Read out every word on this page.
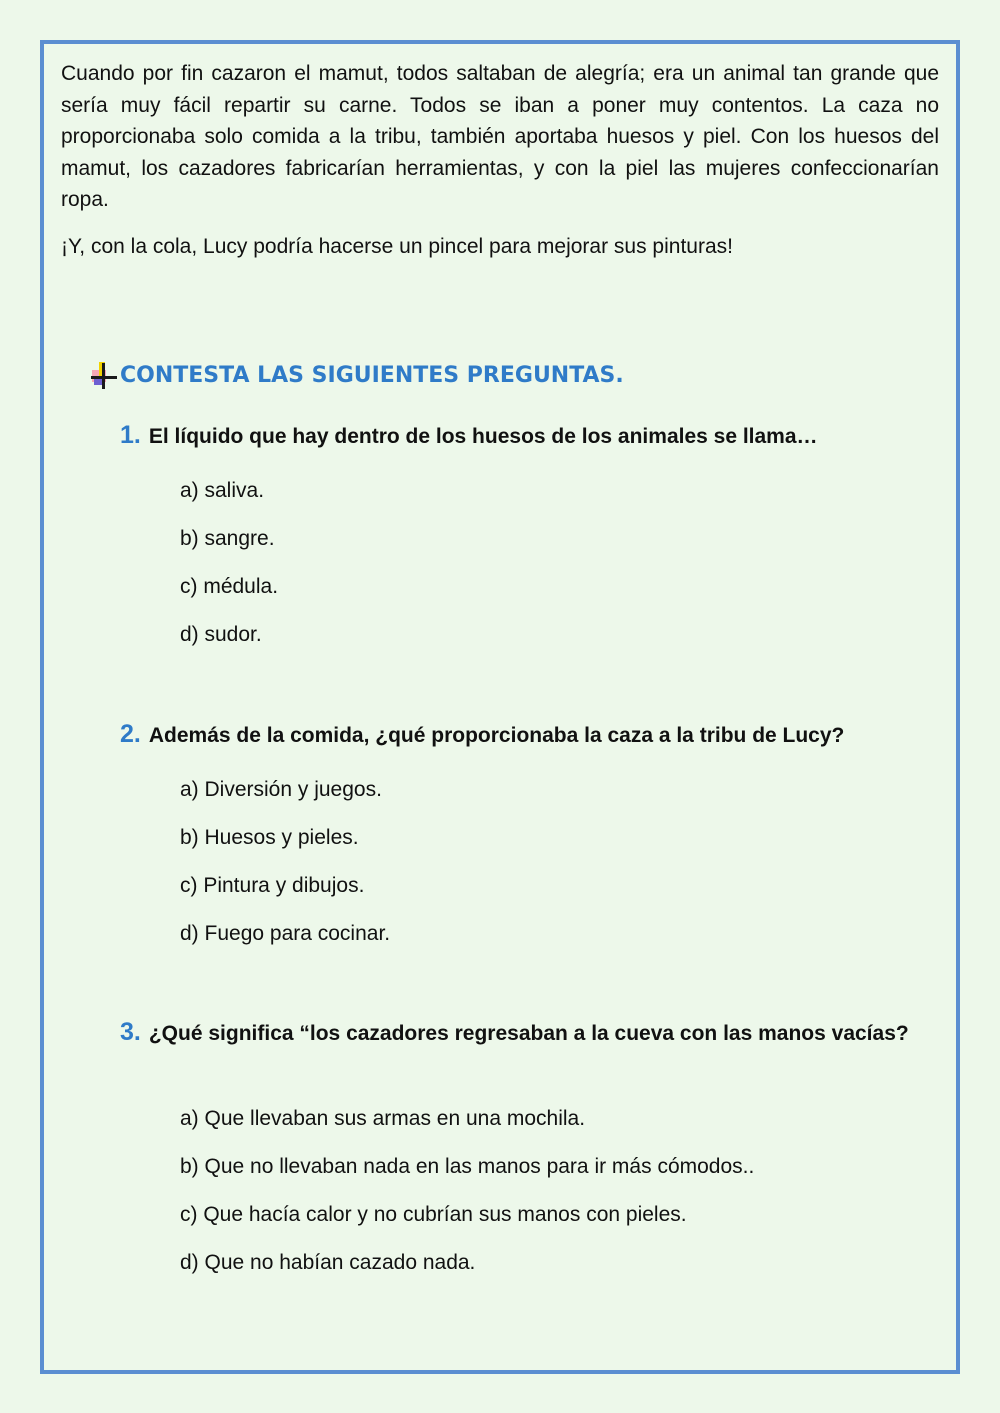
Cuando por fin cazaron el mamut, todos saltaban de alegría; era un animal tan grande que sería muy fácil repartir su carne. Todos se iban a poner muy contentos. La caza no proporcionaba solo comida a la tribu, también aportaba huesos y piel. Con los huesos del mamut, los cazadores fabricarían herramientas, y con la piel las mujeres confeccionarían ropa.

¡Y, con la cola, Lucy podría hacerse un pincel para mejorar sus pinturas!

CONTESTA LAS SIGUIENTES PREGUNTAS.
1. El líquido que hay dentro de los huesos de los animales se llama…
a) saliva.
b) sangre.
c) médula.
d) sudor.
2. Además de la comida, ¿qué proporcionaba la caza a la tribu de Lucy?
a) Diversión y juegos.
b) Huesos y pieles.
c) Pintura y dibujos.
d) Fuego para cocinar.
3. ¿Qué significa “los cazadores regresaban a la cueva con las manos vacías?
a) Que llevaban sus armas en una mochila.
b) Que no llevaban nada en las manos para ir más cómodos..
c) Que hacía calor y no cubrían sus manos con pieles.
d) Que no habían cazado nada.
